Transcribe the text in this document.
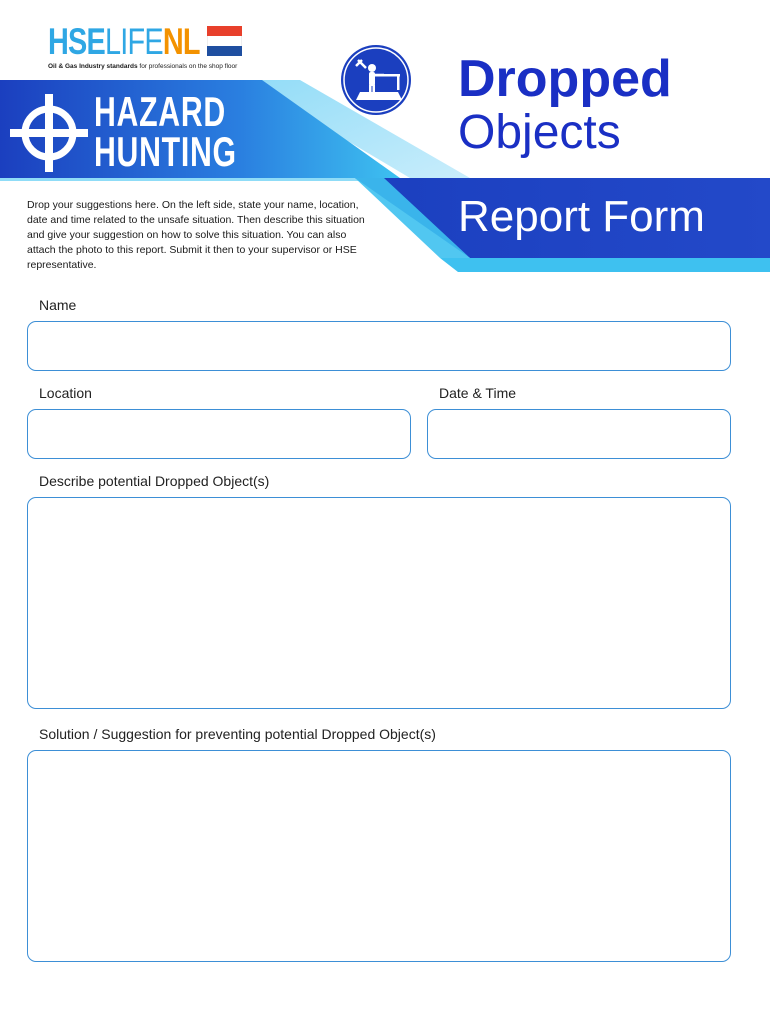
HSELIFENL
Oil & Gas Industry standards for professionals on the shop floor
HAZARD
HUNTING
Dropped
Objects
Report Form

Drop your suggestions here. On the left side, state your name, location, date and time related to the unsafe situation. Then describe this situation and give your suggestion on how to solve this situation. You can also attach the photo to this report. Submit it then to your supervisor or HSE representative.

Name
Location	Date & Time
Describe potential Dropped Object(s)
Solution / Suggestion for preventing potential Dropped Object(s)
